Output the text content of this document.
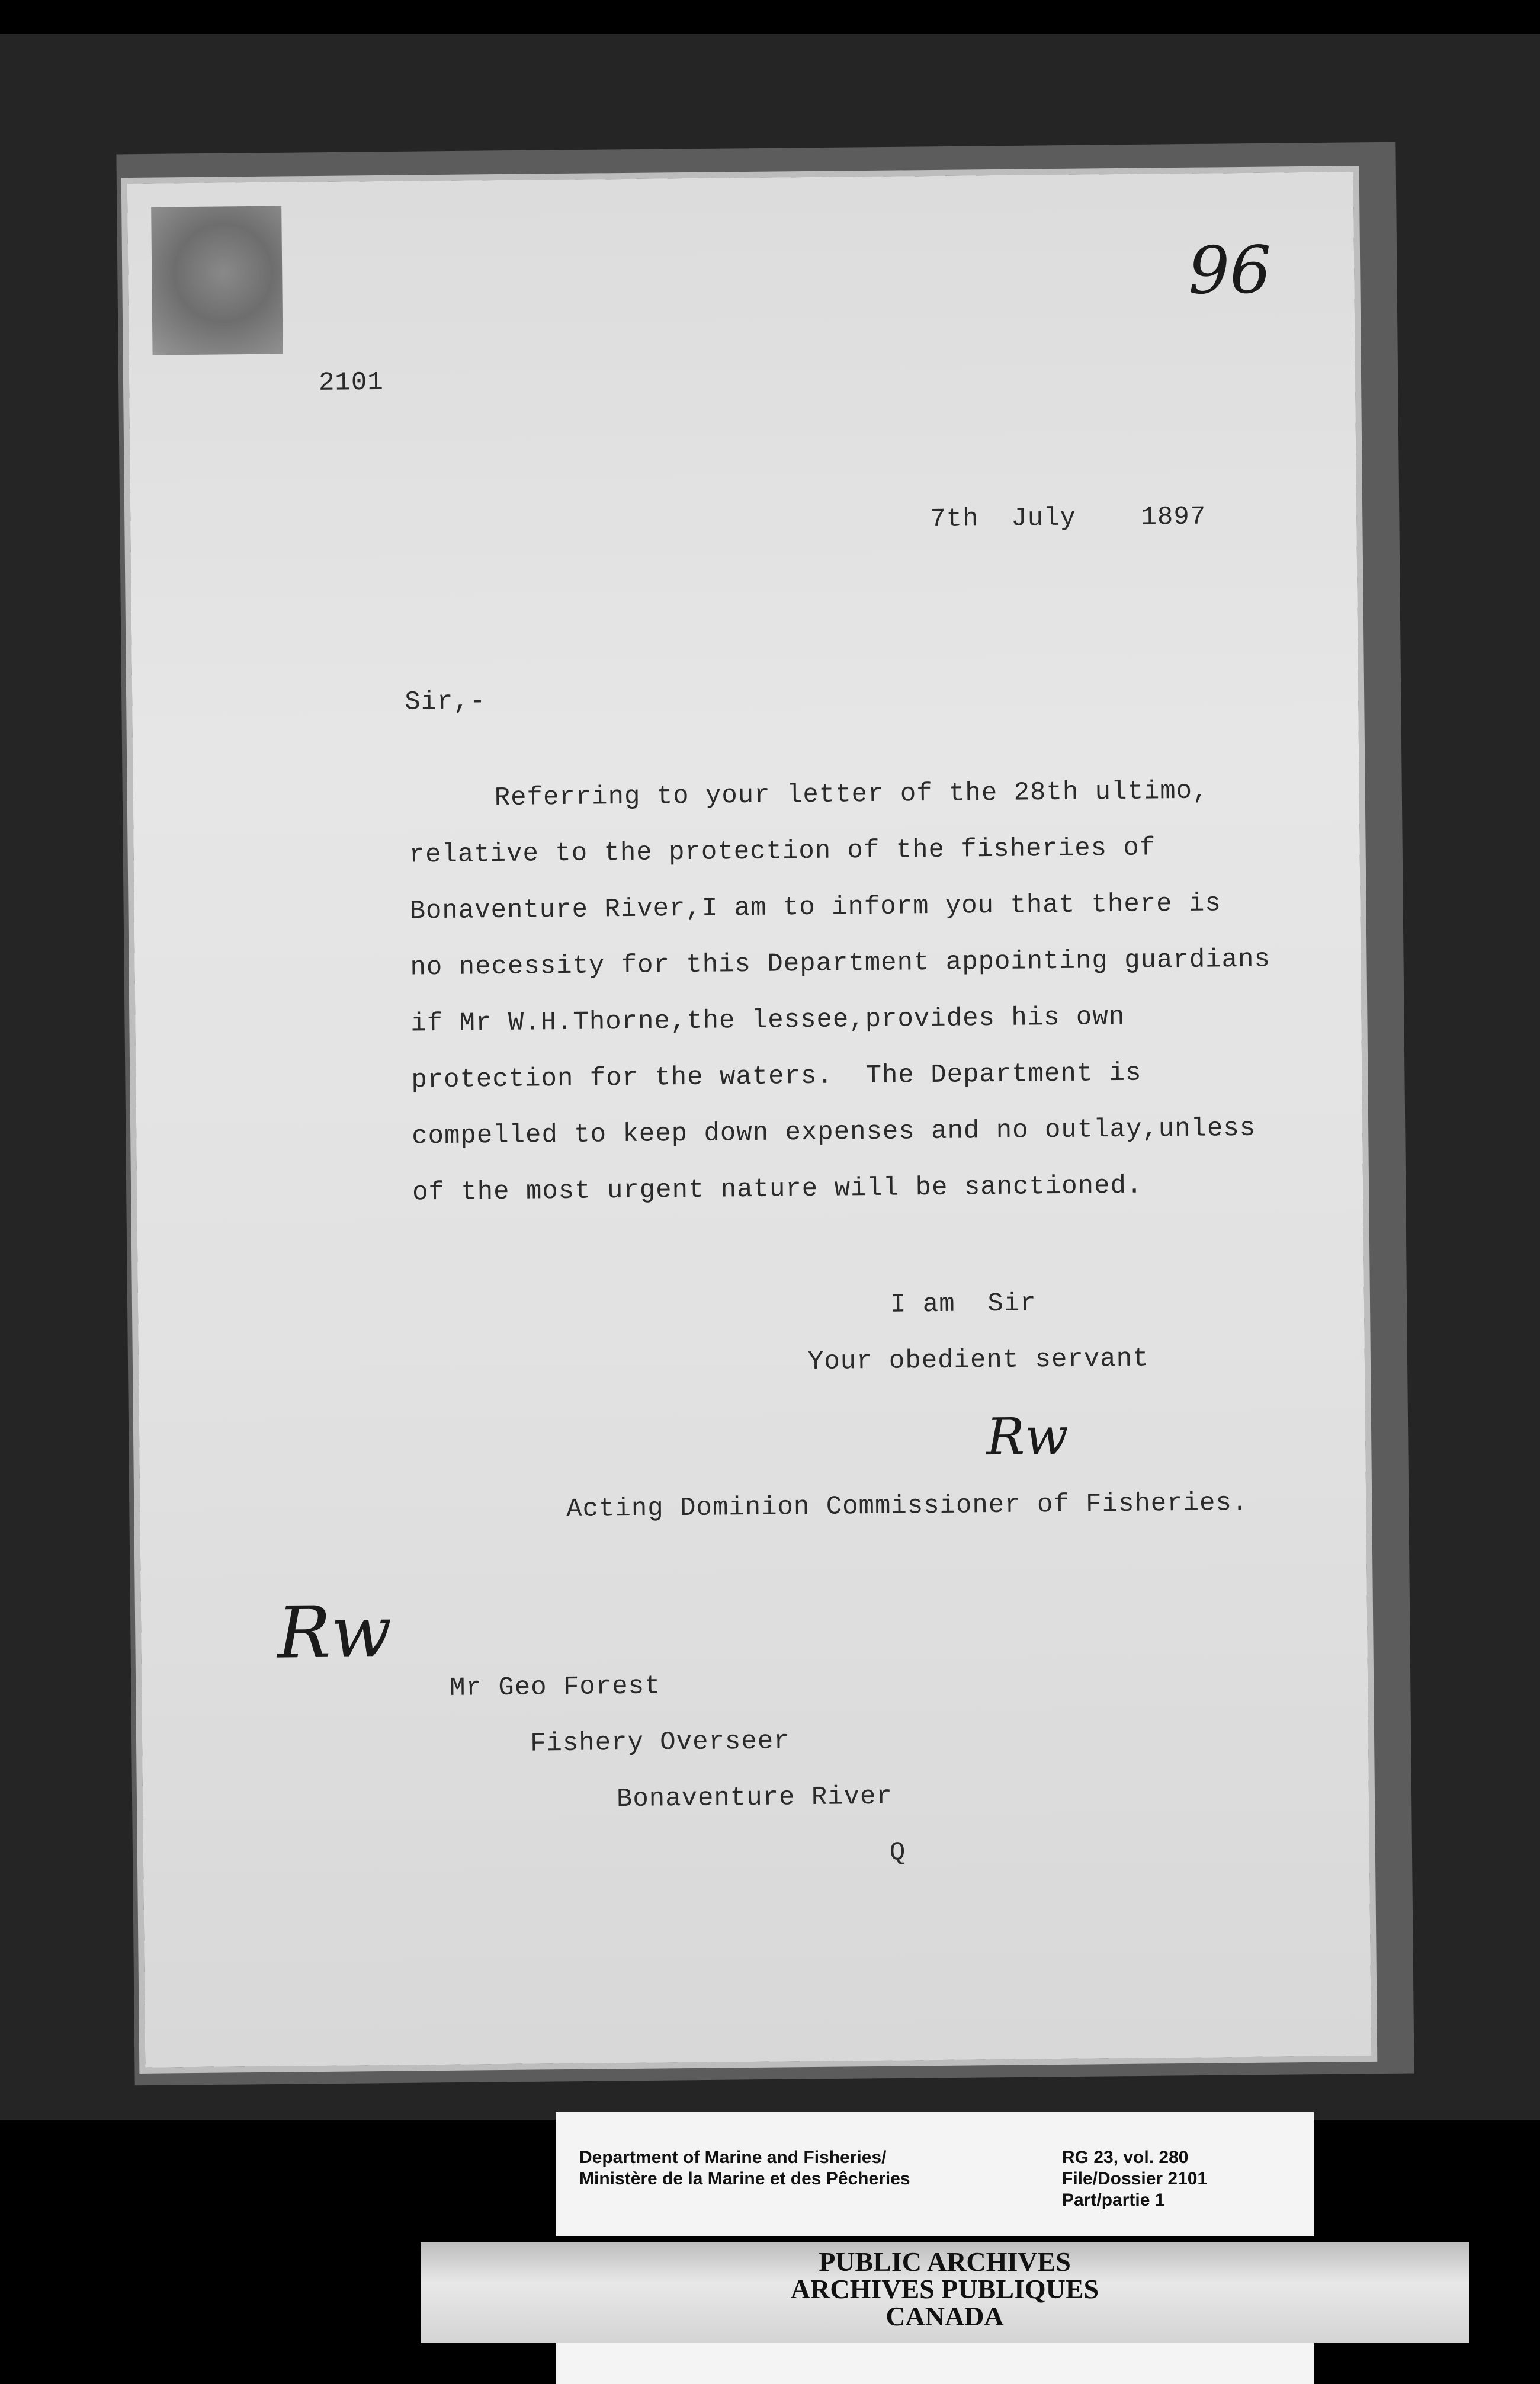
96
2101
7th  July    1897
Sir,-
Referring to your letter of the 28th ultimo,
relative to the protection of the fisheries of
Bonaventure River,I am to inform you that there is
no necessity for this Department appointing guardians
if Mr W.H.Thorne,the lessee,provides his own
protection for the waters.  The Department is
compelled to keep down expenses and no outlay,unless
of the most urgent nature will be sanctioned.
I am  Sir
Your obedient servant
Rw
Acting Dominion Commissioner of Fisheries.
Rw
Mr Geo Forest
Fishery Overseer
Bonaventure River
Q
Department of Marine and Fisheries/
Ministère de la Marine et des Pêcheries
RG 23, vol. 280
File/Dossier 2101
Part/partie 1
PUBLIC ARCHIVES
ARCHIVES PUBLIQUES
CANADA
